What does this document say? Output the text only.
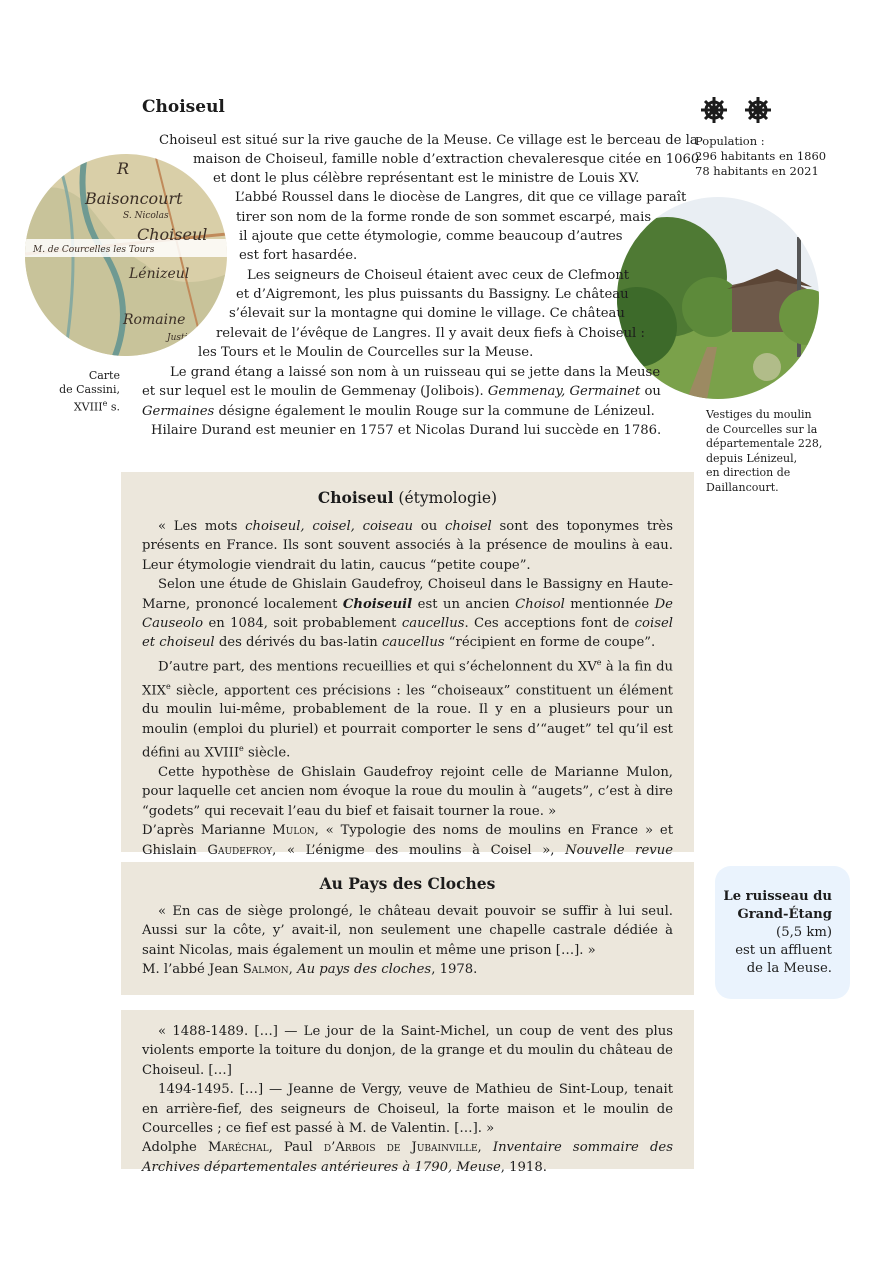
Choiseul
Population :
296 habitants en 1860
78 habitants en 2021
Baisoncourt
S. Nicolas
Choiseul
M. de Courcelles les Tours
Lénizeul
Romaine
Justice
R
Carte
de Cassini,
XVIIIe s.
Vestiges du moulin
de Courcelles sur la
départementale 228,
depuis Lénizeul,
en direction de
Daillancourt.
Choiseul est situé sur la rive gauche de la Meuse. Ce village est le berceau de la
maison de Choiseul, famille noble d’extraction chevaleresque citée en 1060
et dont le plus célèbre représentant est le ministre de Louis XV.
L’abbé Roussel dans le diocèse de Langres, dit que ce village paraît
tirer son nom de la forme ronde de son sommet escarpé, mais
il ajoute que cette étymologie, comme beaucoup d’autres
est fort hasardée.
Les seigneurs de Choiseul étaient avec ceux de Clefmont
et d’Aigremont, les plus puissants du Bassigny. Le château
s’élevait sur la montagne qui domine le village. Ce château
relevait de l’évêque de Langres. Il y avait deux fiefs à Choiseul :
les Tours et le Moulin de Courcelles sur la Meuse.
Le grand étang a laissé son nom à un ruisseau qui se jette dans la Meuse
et sur lequel est le moulin de Gemmenay (Jolibois). Gemmenay, Germainet ou
Germaines désigne également le moulin Rouge sur la commune de Lénizeul.
Hilaire Durand est meunier en 1757 et Nicolas Durand lui succède en 1786.
Choiseul (étymologie)

« Les mots choiseul, coisel, coiseau ou choisel sont des toponymes très présents en France. Ils sont souvent associés à la présence de moulins à eau. Leur étymologie viendrait du latin, caucus “petite coupe”.

Selon une étude de Ghislain Gaudefroy, Choiseul dans le Bassigny en Haute-Marne, prononcé localement Choiseuil est un ancien Choisol mentionnée De Causeolo en 1084, soit probablement caucellus. Ces acceptions font de coisel et choiseul des dérivés du bas-latin caucellus “récipient en forme de coupe”.

D’autre part, des mentions recueillies et qui s’échelonnent du XVe à la fin du XIXe siècle, apportent ces précisions : les “choiseaux” constituent un élément du moulin lui-même, probablement de la roue. Il y en a plusieurs pour un moulin (emploi du pluriel) et pourrait comporter le sens d’“auget” tel qu’il est défini au XVIIIe siècle.

Cette hypothèse de Ghislain Gaudefroy rejoint celle de Marianne Mulon, pour laquelle cet ancien nom évoque la roue du moulin à “augets”, c’est à dire “godets” qui recevait l’eau du bief et faisait tourner la roue. »

D’après Marianne Mulon, « Typologie des noms de moulins en France » et Ghislain Gaudefroy, « L’énigme des moulins à Coisel », Nouvelle revue

Au Pays des Cloches

« En cas de siège prolongé, le château devait pouvoir se suffir à lui seul. Aussi sur la côte, y’ avait-il, non seulement une chapelle castrale dédiée à saint Nicolas, mais également un moulin et même une prison […]. »

M. l’abbé Jean Salmon, Au pays des cloches, 1978.

« 1488-1489. […] — Le jour de la Saint-Michel, un coup de vent des plus violents emporte la toiture du donjon, de la grange et du moulin du château de Choiseul. […]

1494-1495. […] — Jeanne de Vergy, veuve de Mathieu de Sint-Loup, tenait en arrière-fief, des seigneurs de Choiseul, la forte maison et le moulin de Courcelles ; ce fief est passé à M. de Valentin. […]. »

Adolphe Maréchal, Paul d’Arbois de Jubainville, Inventaire sommaire des Archives départementales antérieures à 1790, Meuse, 1918.

Le ruisseau du
Grand-Étang
(5,5 km)
est un affluent
de la Meuse.
